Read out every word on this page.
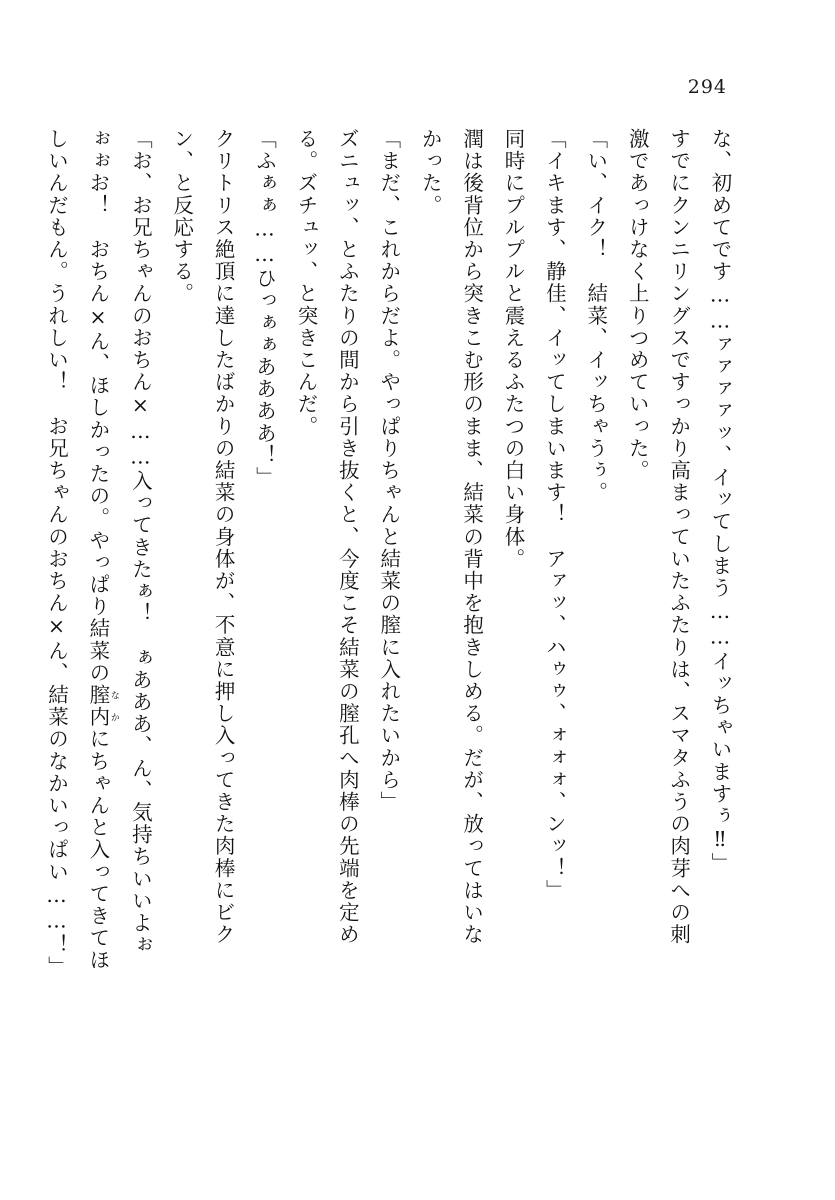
294

な、初めてです……ァァァァッ、イッてしまう……イッちゃいますぅ‼」

すでにクンニリングスですっかり高まっていたふたりは、スマタふうの肉芽への刺

激であっけなく上りつめていった。

「い、イク！　結菜、イッちゃうぅ。

「イキます、静佳、イッてしまいます！　アァッ、ハゥゥ、ォォォ、ンッ！」

同時にプルプルと震えるふたつの白い身体。

潤は後背位から突きこむ形のまま、結菜の背中を抱きしめる。だが、放ってはいな

かった。

「まだ、これからだよ。やっぱりちゃんと結菜の膣に入れたいから」

ズニュッ、とふたりの間から引き抜くと、今度こそ結菜の膣孔へ肉棒の先端を定め

る。ズチュッ、と突きこんだ。

「ふぁぁ……ひっぁぁああああ！」

クリトリス絶頂に達したばかりの結菜の身体が、不意に押し入ってきた肉棒にビク

ン、と反応する。

「お、お兄ちゃんのおちん×……入ってきたぁ！　ぁあああ、ん、気持ちいいよぉ

ぉぉお！　おちん×ん、ほしかったの。やっぱり結菜の膣内 なかにちゃんと入ってきてほ

しいんだもん。うれしい！　お兄ちゃんのおちん×ん、結菜のなかいっぱい……！」
